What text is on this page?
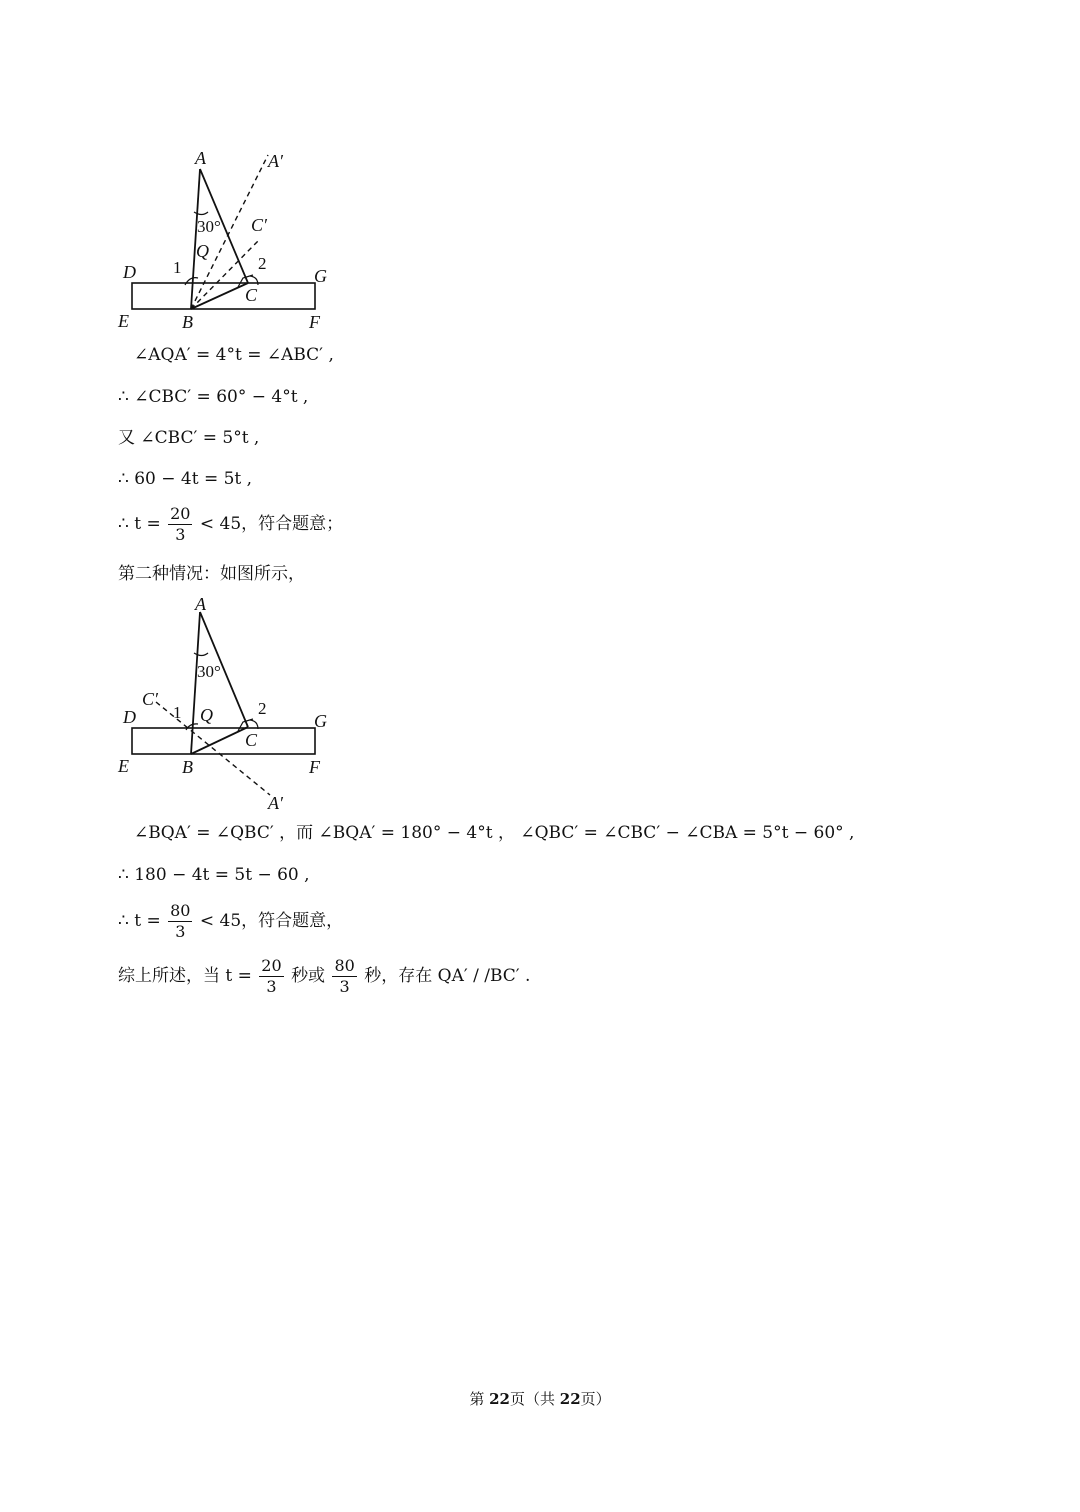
A	A′
C′
30°
Q
D 1	2
G
C
E	B	F
∠AQA′ = 4°t = ∠ABC′ ,
∴ ∠CBC′ = 60° − 4°t ,
又 ∠CBC′ = 5°t ,
∴ 60 − 4t = 5t ,
∴ $t = \frac{20}{3} < 45$，符合题意；
第二种情况：如图所示，
A
30°
C′
D 1 Q	2
G
C
E	B	F
A′
∠BQA′ = ∠QBC′ ，而 ∠BQA′ = 180° − 4°t ， ∠QBC′ = ∠CBC′ − ∠CBA = 5°t − 60° ,
∴ 180 − 4t = 5t − 60 ,
∴ $t = \frac{80}{3} < 45$，符合题意，
综上所述，当 $t = \frac{20}{3}$ 秒或 $\frac{80}{3}$ 秒，存在 QA′ / /BC′ .
第 22页（共 22页）
